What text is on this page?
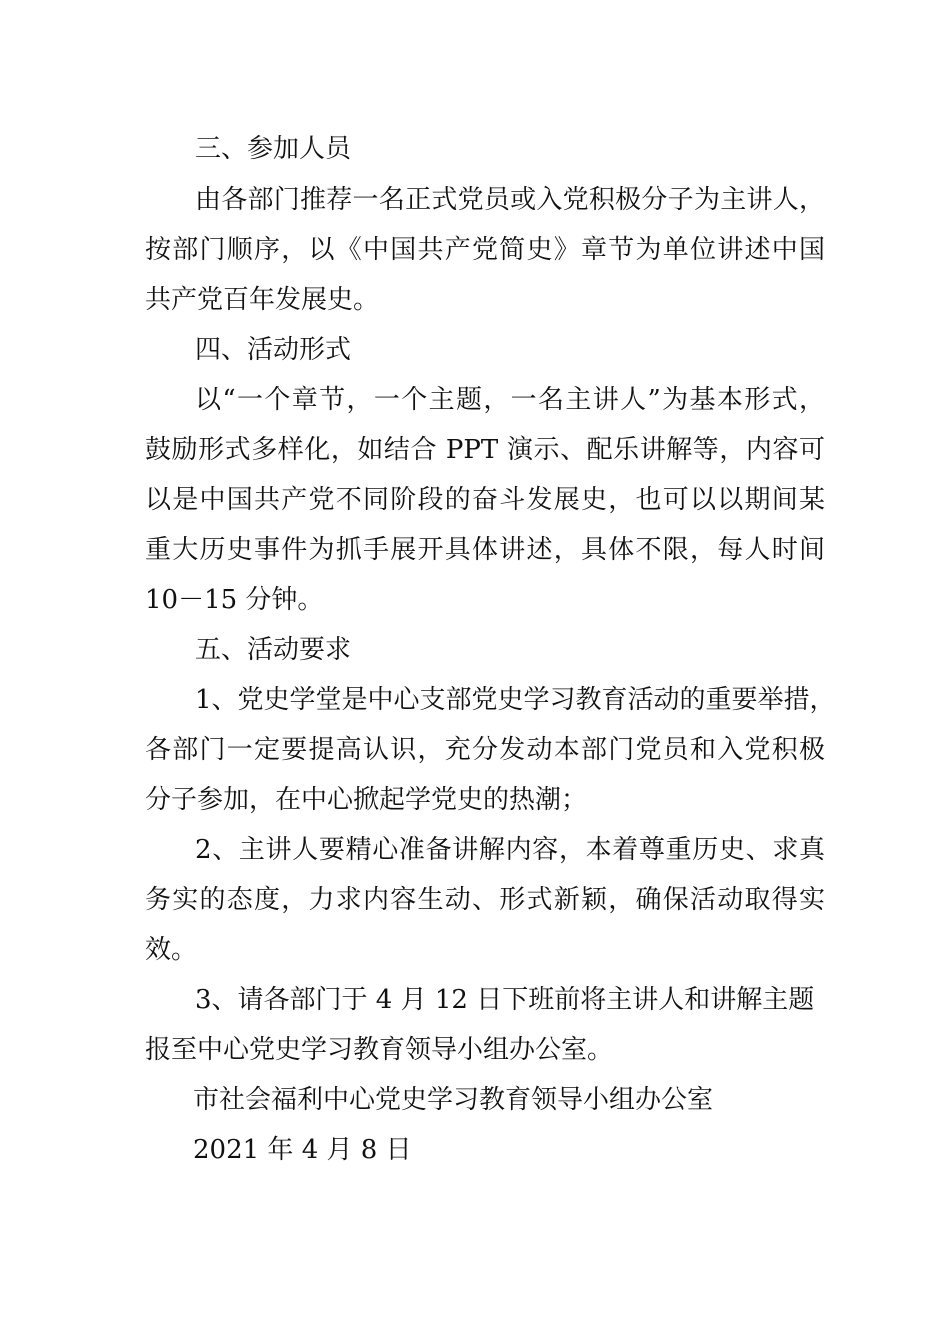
三、参加人员
由各部门推荐一名正式党员或入党积极分子为主讲人，
按部门顺序，以《中国共产党简史》章节为单位讲述中国
共产党百年发展史。
四、活动形式
以“一个章节，一个主题，一名主讲人”为基本形式，
鼓励形式多样化，如结合 PPT 演示、配乐讲解等，内容可
以是中国共产党不同阶段的奋斗发展史，也可以以期间某
重大历史事件为抓手展开具体讲述，具体不限，每人时间
10－15 分钟。
五、活动要求
1、党史学堂是中心支部党史学习教育活动的重要举措，
各部门一定要提高认识，充分发动本部门党员和入党积极
分子参加，在中心掀起学党史的热潮；
2、主讲人要精心准备讲解内容，本着尊重历史、求真
务实的态度，力求内容生动、形式新颖，确保活动取得实
效。
3、请各部门于 4 月 12 日下班前将主讲人和讲解主题
报至中心党史学习教育领导小组办公室。
市社会福利中心党史学习教育领导小组办公室
2021 年 4 月 8 日
